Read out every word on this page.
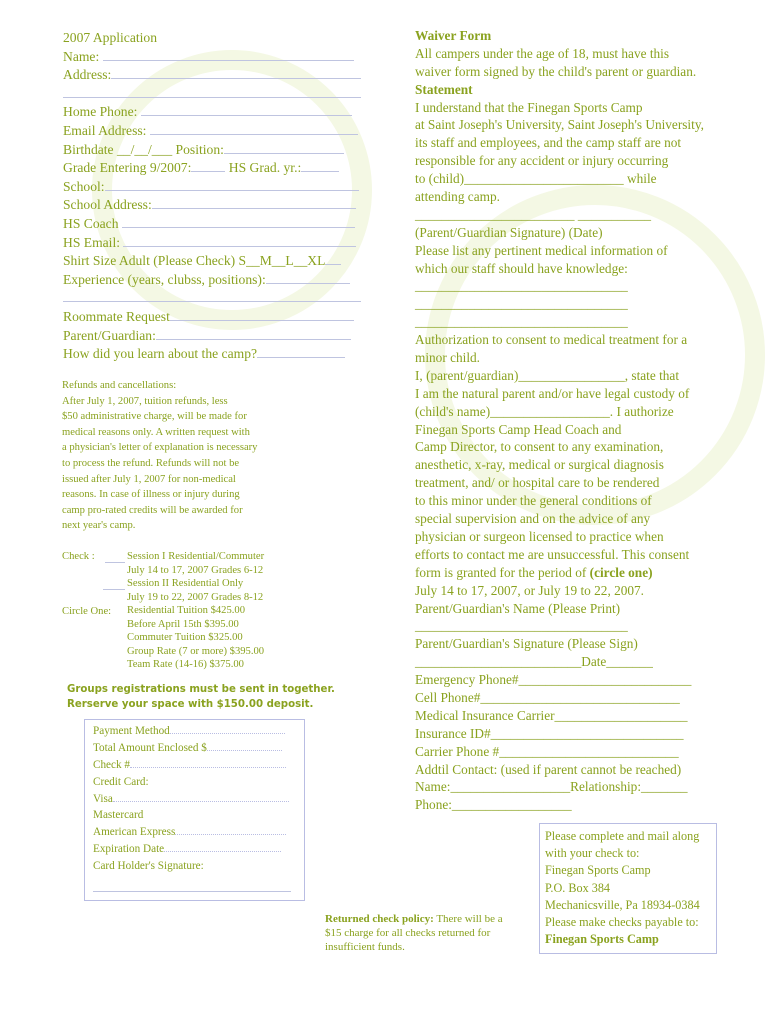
2007 Application
Name:
Address:
Home Phone:
Email Address:
Birthdate __/__/___ Position:
Grade Entering 9/2007:	HS Grad. yr.:
School:
School Address:
HS Coach
HS Email:
Shirt Size Adult (Please Check) S__M__L__XL
Experience (years, clubss, positions):
Roommate Request
Parent/Guardian:
How did you learn about the camp?
Refunds and cancellations:
After July 1, 2007, tuition refunds, less
$50 administrative charge, will be made for
medical reasons only. A written request with
a physician's letter of explanation is necessary
to process the refund. Refunds will not be
issued after July 1, 2007 for non-medical
reasons. In case of illness or injury during
camp pro-rated credits will be awarded for
next year's camp.
Check :	Session I Residential/Commuter
July 14 to 17, 2007 Grades 6-12
Session II Residential Only
July 19 to 22, 2007 Grades 8-12
Circle One: Residential Tuition $425.00
Before April 15th $395.00
Commuter Tuition $325.00
Group Rate (7 or more) $395.00
Team Rate (14-16) $375.00
Groups registrations must be sent in together.
Rerserve your space with $150.00 deposit.
Payment Method
Total Amount Enclosed $
Check #
Credit Card:
Visa
Mastercard
American Express
Expiration Date
Card Holder's Signature:
Returned check policy: There will be a
$15 charge for all checks returned for
insufficient funds.
Waiver Form
All campers under the age of 18, must have this
waiver form signed by the child's parent or guardian.
Statement
I understand that the Finegan Sports Camp
at Saint Joseph's University, Saint Joseph's University,
its staff and employees, and the camp staff are not
responsible for any accident or injury occurring
to (child)________________________ while
attending camp.
________________________ ___________
(Parent/Guardian Signature) (Date)
Please list any pertinent medical information of
which our staff should have knowledge:
________________________________
________________________________
________________________________
Authorization to consent to medical treatment for a
minor child.
I, (parent/guardian)________________, state that
I am the natural parent and/or have legal custody of
(child's name)__________________. I authorize
Finegan Sports Camp Head Coach and
Camp Director, to consent to any examination,
anesthetic, x-ray, medical or surgical diagnosis
treatment, and/ or hospital care to be rendered
to this minor under the general conditions of
special supervision and on the advice of any
physician or surgeon licensed to practice when
efforts to contact me are unsuccessful. This consent
form is granted for the period of (circle one)
July 14 to 17, 2007, or July 19 to 22, 2007.
Parent/Guardian's Name (Please Print)
________________________________
Parent/Guardian's Signature (Please Sign)
_________________________Date_______
Emergency Phone#__________________________
Cell Phone#______________________________
Medical Insurance Carrier____________________
Insurance ID#_____________________________
Carrier Phone #___________________________
Addtil Contact: (used if parent cannot be reached)
Name:__________________Relationship:_______
Phone:__________________
Please complete and mail along
with your check to:
Finegan Sports Camp
P.O. Box 384
Mechanicsville, Pa 18934-0384
Please make checks payable to:
Finegan Sports Camp
